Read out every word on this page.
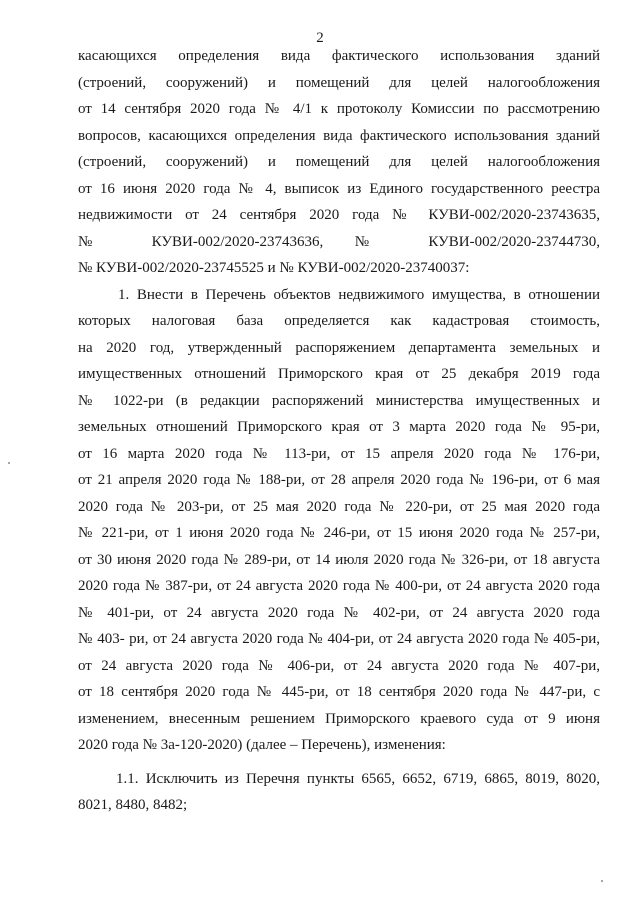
2
касающихся определения вида фактического использования зданий
(строений, сооружений) и помещений для целей налогообложения
от 14 сентября 2020 года № 4/1 к протоколу Комиссии по рассмотрению
вопросов, касающихся определения вида фактического использования зданий
(строений, сооружений) и помещений для целей налогообложения
от 16 июня 2020 года № 4, выписок из Единого государственного реестра
недвижимости от 24 сентября 2020 года № КУВИ-002/2020-23743635,
№ КУВИ-002/2020-23743636, № КУВИ-002/2020-23744730,
№ КУВИ-002/2020-23745525 и № КУВИ-002/2020-23740037:
1. Внести в Перечень объектов недвижимого имущества, в отношении
которых налоговая база определяется как кадастровая стоимость,
на 2020 год, утвержденный распоряжением департамента земельных и
имущественных отношений Приморского края от 25 декабря 2019 года
№ 1022-ри (в редакции распоряжений министерства имущественных и
земельных отношений Приморского края от 3 марта 2020 года № 95-ри,
от 16 марта 2020 года № 113-ри, от 15 апреля 2020 года № 176-ри,
от 21 апреля 2020 года № 188-ри, от 28 апреля 2020 года № 196-ри, от 6 мая
2020 года № 203-ри, от 25 мая 2020 года № 220-ри, от 25 мая 2020 года
№ 221-ри, от 1 июня 2020 года № 246-ри, от 15 июня 2020 года № 257-ри,
от 30 июня 2020 года № 289-ри, от 14 июля 2020 года № 326-ри, от 18 августа
2020 года № 387-ри, от 24 августа 2020 года № 400-ри, от 24 августа 2020 года
№ 401-ри, от 24 августа 2020 года № 402-ри, от 24 августа 2020 года
№ 403- ри, от 24 августа 2020 года № 404-ри, от 24 августа 2020 года № 405-ри,
от 24 августа 2020 года № 406-ри, от 24 августа 2020 года № 407-ри,
от 18 сентября 2020 года № 445-ри, от 18 сентября 2020 года № 447-ри, с
изменением, внесенным решением Приморского краевого суда от 9 июня
2020 года № 3а-120-2020) (далее – Перечень), изменения:
1.1. Исключить из Перечня пункты 6565, 6652, 6719, 6865, 8019, 8020,
8021, 8480, 8482;
